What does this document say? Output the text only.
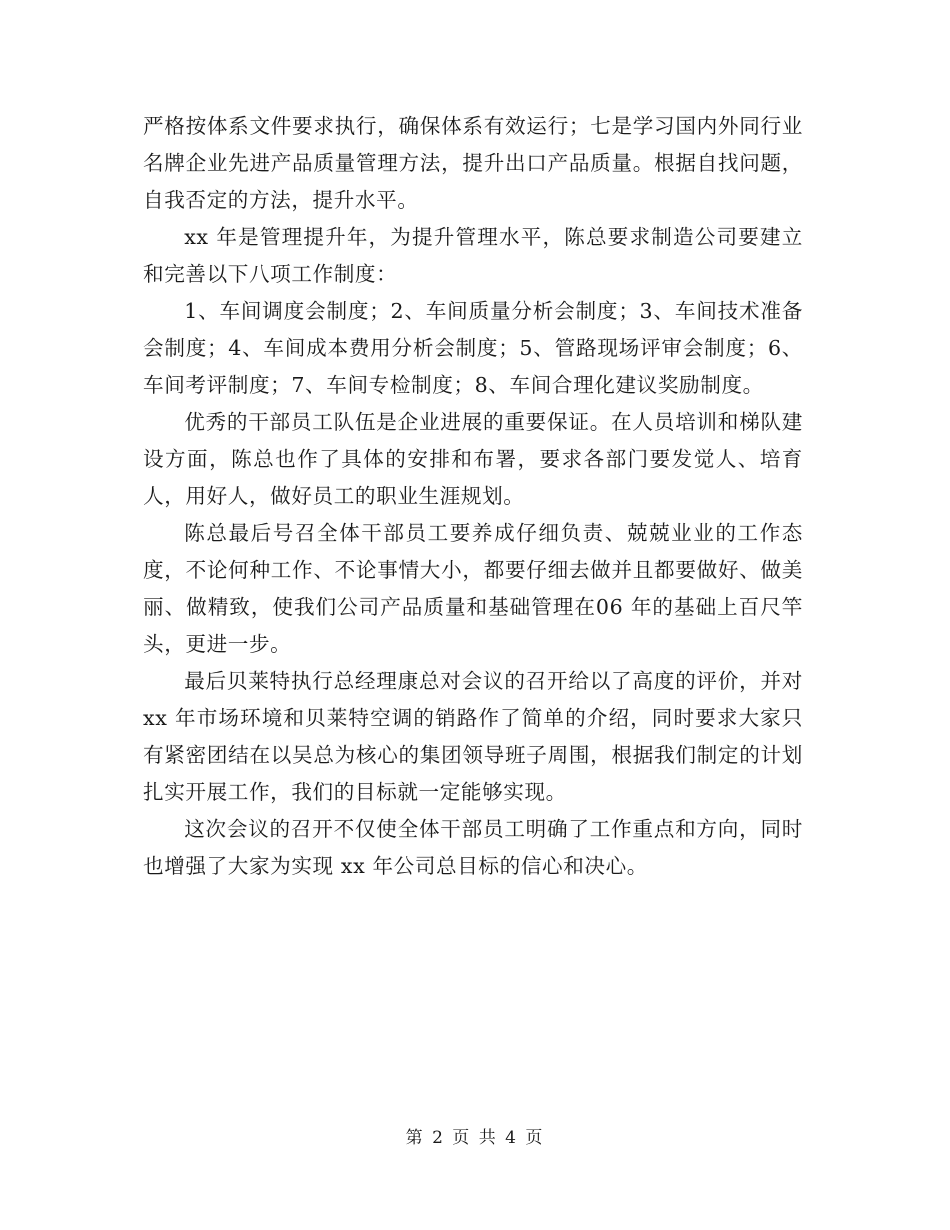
严格按体系文件要求执行，确保体系有效运行；七是学习国内外同行业名牌企业先进产品质量管理方法，提升出口产品质量。根据自找问题，自我否定的方法，提升水平。

xx 年是管理提升年，为提升管理水平，陈总要求制造公司要建立和完善以下八项工作制度：

1、车间调度会制度；2、车间质量分析会制度；3、车间技术准备会制度；4、车间成本费用分析会制度；5、管路现场评审会制度；6、车间考评制度；7、车间专检制度；8、车间合理化建议奖励制度。

优秀的干部员工队伍是企业进展的重要保证。在人员培训和梯队建设方面，陈总也作了具体的安排和布署，要求各部门要发觉人、培育人，用好人，做好员工的职业生涯规划。

陈总最后号召全体干部员工要养成仔细负责、兢兢业业的工作态度，不论何种工作、不论事情大小，都要仔细去做并且都要做好、做美丽、做精致，使我们公司产品质量和基础管理在06 年的基础上百尺竿头，更进一步。

最后贝莱特执行总经理康总对会议的召开给以了高度的评价，并对 xx 年市场环境和贝莱特空调的销路作了简单的介绍，同时要求大家只有紧密团结在以吴总为核心的集团领导班子周围，根据我们制定的计划扎实开展工作，我们的目标就一定能够实现。

这次会议的召开不仅使全体干部员工明确了工作重点和方向，同时也增强了大家为实现 xx 年公司总目标的信心和决心。

第 2 页 共 4 页
